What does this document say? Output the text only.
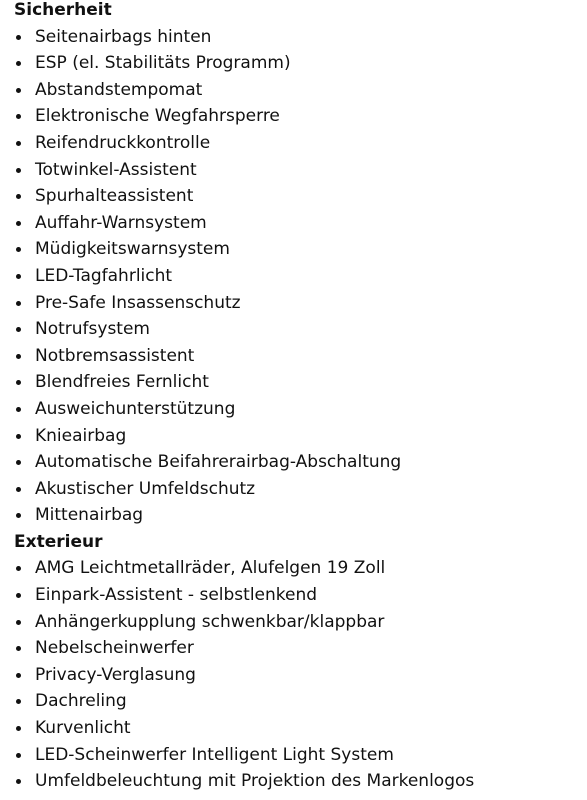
Sicherheit
Seitenairbags hinten
ESP (el. Stabilitäts Programm)
Abstandstempomat
Elektronische Wegfahrsperre
Reifendruckkontrolle
Totwinkel-Assistent
Spurhalteassistent
Auffahr-Warnsystem
Müdigkeitswarnsystem
LED-Tagfahrlicht
Pre-Safe Insassenschutz
Notrufsystem
Notbremsassistent
Blendfreies Fernlicht
Ausweichunterstützung
Knieairbag
Automatische Beifahrerairbag-Abschaltung
Akustischer Umfeldschutz
Mittenairbag
Exterieur
AMG Leichtmetallräder, Alufelgen 19 Zoll
Einpark-Assistent - selbstlenkend
Anhängerkupplung schwenkbar/klappbar
Nebelscheinwerfer
Privacy-Verglasung
Dachreling
Kurvenlicht
LED-Scheinwerfer Intelligent Light System
Umfeldbeleuchtung mit Projektion des Markenlogos
